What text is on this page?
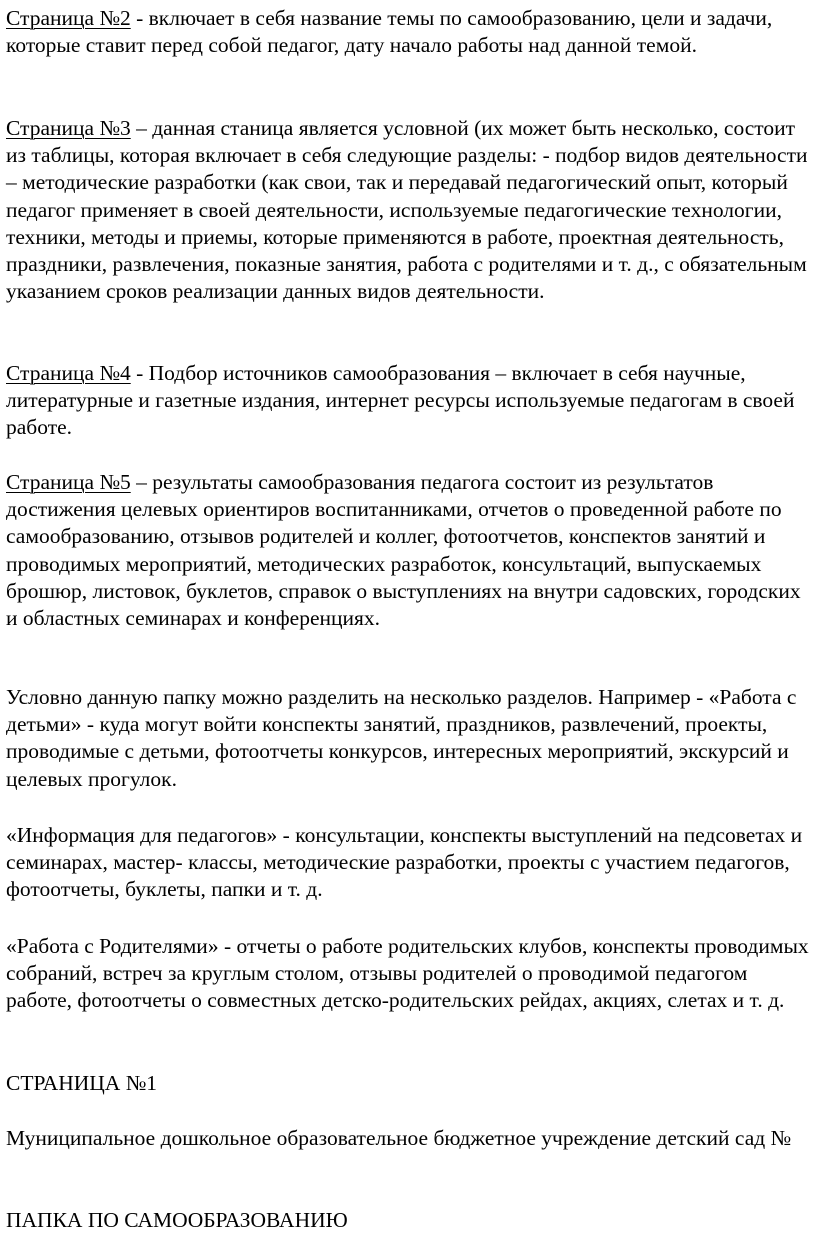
Страница №2 - включает в себя название темы по самообразованию, цели и задачи, которые ставит перед собой педагог, дату начало работы над данной темой.

Страница №3 – данная станица является условной (их может быть несколько, состоит из таблицы, которая включает в себя следующие разделы: - подбор видов деятельности – методические разработки (как свои, так и передавай педагогический опыт, который педагог применяет в своей деятельности, используемые педагогические технологии, техники, методы и приемы, которые применяются в работе, проектная деятельность, праздники, развлечения, показные занятия, работа с родителями и т. д., с обязательным указанием сроков реализации данных видов деятельности.

Страница №4 - Подбор источников самообразования – включает в себя научные, литературные и газетные издания, интернет ресурсы используемые педагогам в своей работе.

Страница №5 – результаты самообразования педагога состоит из результатов достижения целевых ориентиров воспитанниками, отчетов о проведенной работе по самообразованию, отзывов родителей и коллег, фотоотчетов, конспектов занятий и проводимых мероприятий, методических разработок, консультаций, выпускаемых брошюр, листовок, буклетов, справок о выступлениях на внутри садовских, городских и областных семинарах и конференциях.

Условно данную папку можно разделить на несколько разделов. Например - «Работа с детьми» - куда могут войти конспекты занятий, праздников, развлечений, проекты, проводимые с детьми, фотоотчеты конкурсов, интересных мероприятий, экскурсий и целевых прогулок.

«Информация для педагогов» - консультации, конспекты выступлений на педсоветах и семинарах, мастер- классы, методические разработки, проекты с участием педагогов, фотоотчеты, буклеты, папки и т. д.

«Работа с Родителями» - отчеты о работе родительских клубов, конспекты проводимых собраний, встреч за круглым столом, отзывы родителей о проводимой педагогом работе, фотоотчеты о совместных детско-родительских рейдах, акциях, слетах и т. д.

СТРАНИЦА №1

Муниципальное дошкольное образовательное бюджетное учреждение детский сад №

ПАПКА ПО САМООБРАЗОВАНИЮ
